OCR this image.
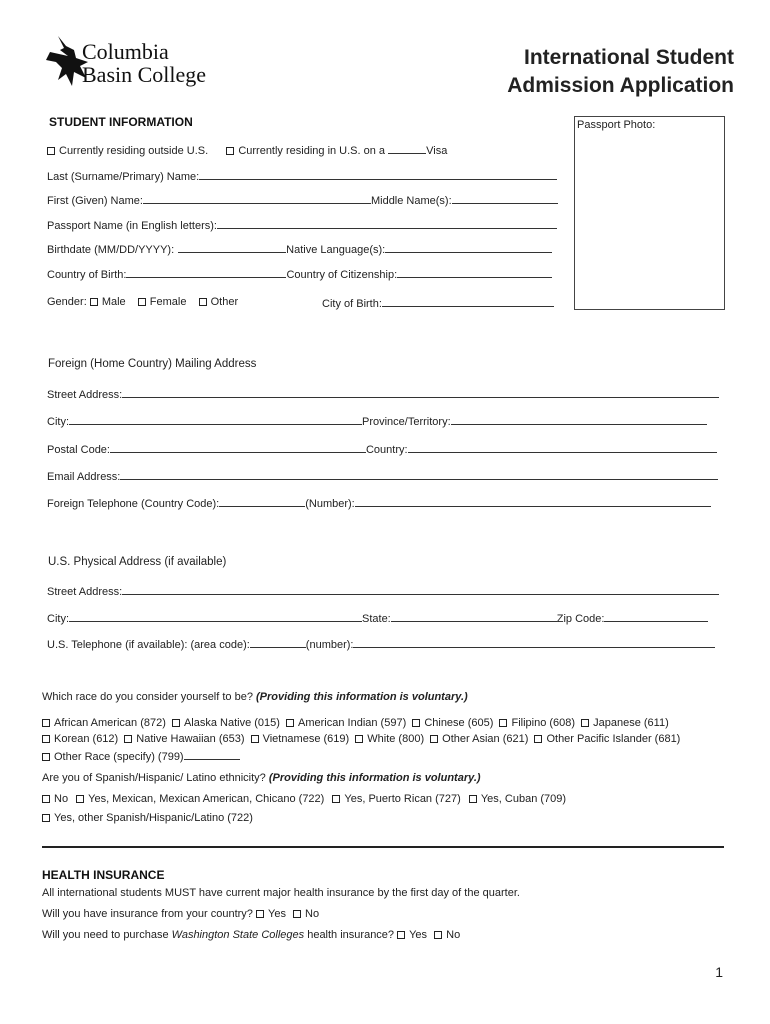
Columbia
Basin College
International Student
Admission Application
STUDENT INFORMATION	Passport Photo:
Currently residing outside U.S.	Currently residing in U.S. on a	Visa
Last (Surname/Primary) Name:
First (Given) Name:	Middle Name(s):
Passport Name (in English letters):
Birthdate (MM/DD/YYYY):	Native Language(s):
Country of Birth:	Country of Citizenship:
Gender: Male Female Other	City of Birth:
Foreign (Home Country) Mailing Address
Street Address:
City:	Province/Territory:
Postal Code:	Country:
Email Address:
Foreign Telephone (Country Code):	(Number):
U.S. Physical Address (if available)
Street Address:
City:	State:	Zip Code:
U.S. Telephone (if available): (area code):	(number):
Which race do you consider yourself to be? (Providing this information is voluntary.)
African American (872) Alaska Native (015) American Indian (597) Chinese (605) Filipino (608) Japanese (611)
Korean (612) Native Hawaiian (653) Vietnamese (619) White (800) Other Asian (621) Other Pacific Islander (681)
Other Race (specify) (799)
Are you of Spanish/Hispanic/ Latino ethnicity? (Providing this information is voluntary.)
No Yes, Mexican, Mexican American, Chicano (722) Yes, Puerto Rican (727) Yes, Cuban (709)
Yes, other Spanish/Hispanic/Latino (722)
HEALTH INSURANCE
All international students MUST have current major health insurance by the first day of the quarter.
Will you have insurance from your country? Yes No
Will you need to purchase Washington State Colleges health insurance? Yes No
1
